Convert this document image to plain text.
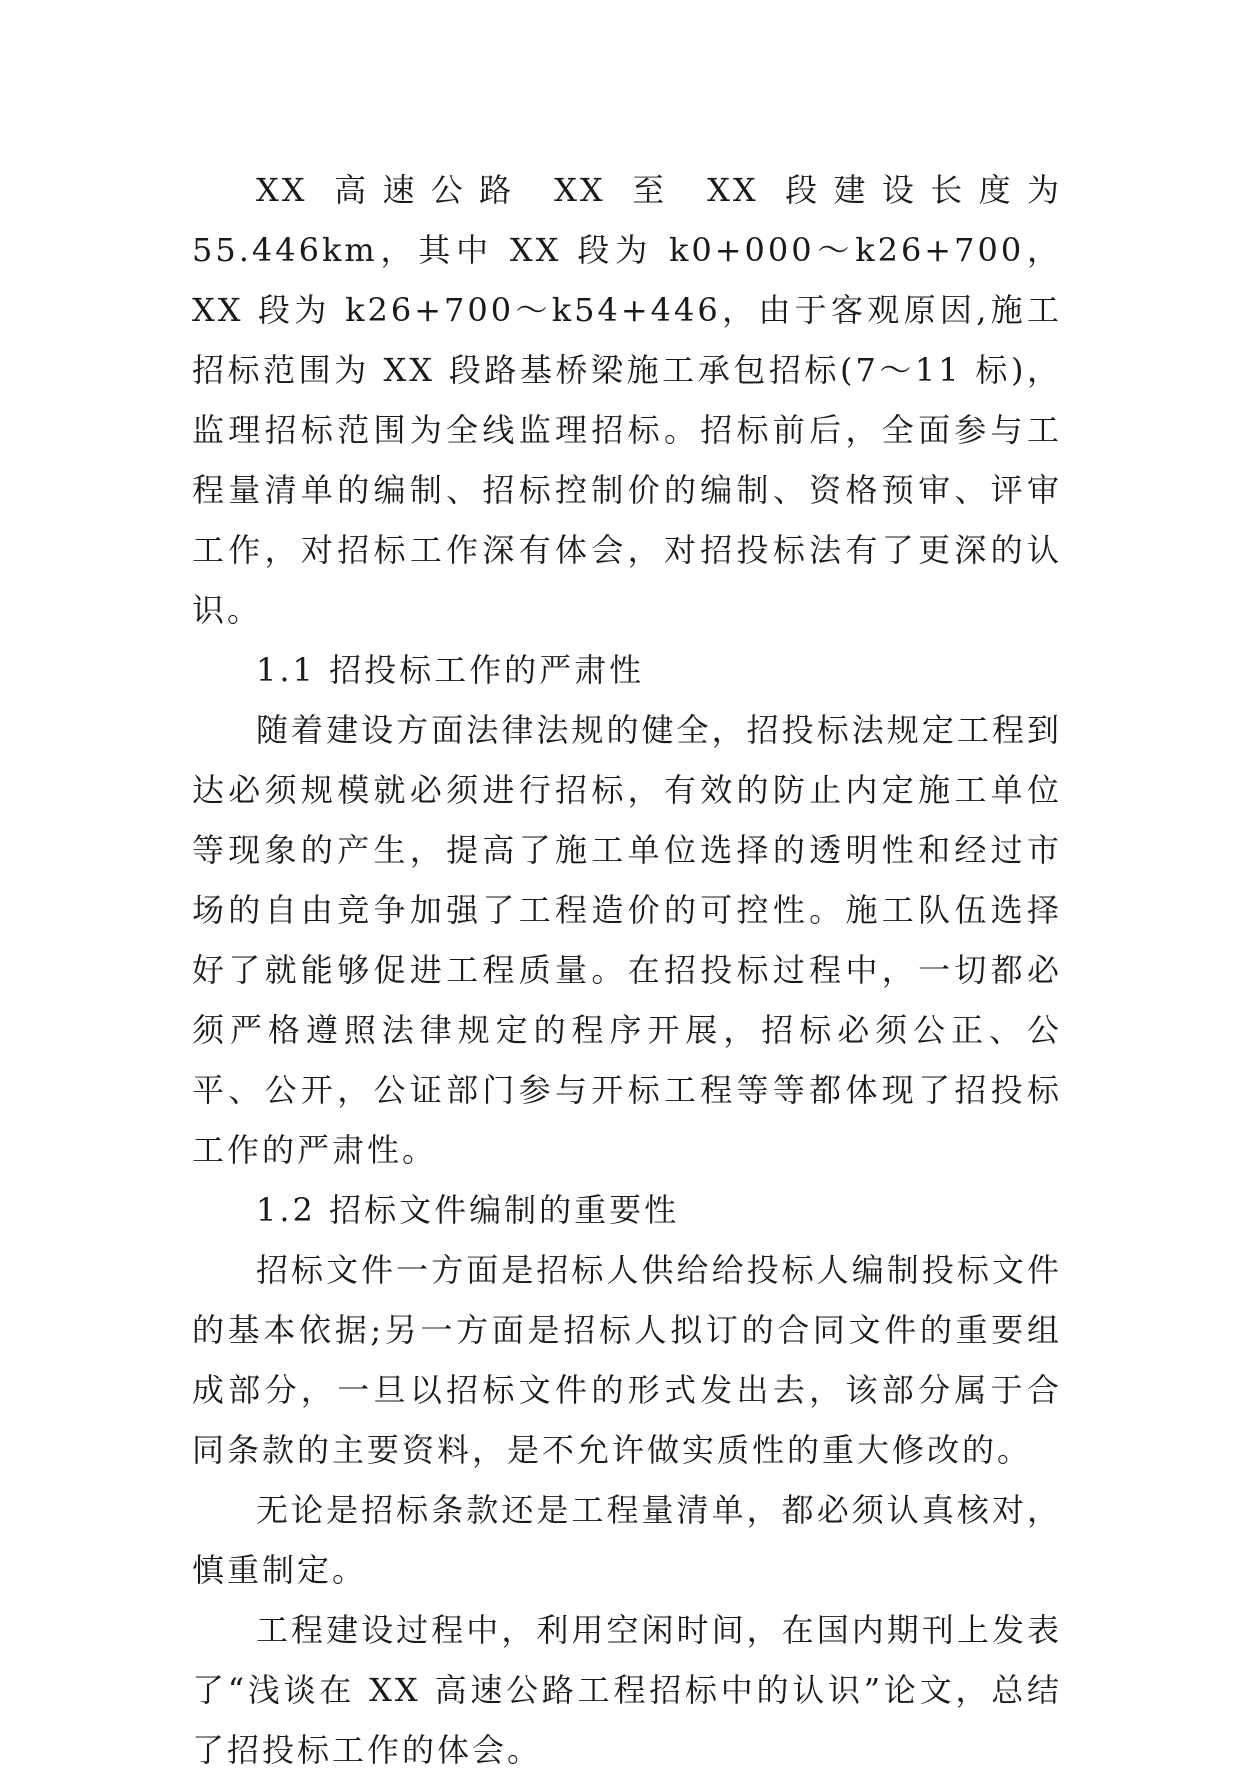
XX 高速公路 XX 至 XX 段建设长度为 55.446km，其中 XX 段为 k0+000～k26+700，XX 段为 k26+700～k54+446，由于客观原因,施工招标范围为 XX 段路基桥梁施工承包招标(7～11 标)，监理招标范围为全线监理招标。招标前后，全面参与工程量清单的编制、招标控制价的编制、资格预审、评审工作，对招标工作深有体会，对招投标法有了更深的认识。

1.1 招投标工作的严肃性

随着建设方面法律法规的健全，招投标法规定工程到达必须规模就必须进行招标，有效的防止内定施工单位等现象的产生，提高了施工单位选择的透明性和经过市场的自由竞争加强了工程造价的可控性。施工队伍选择好了就能够促进工程质量。在招投标过程中，一切都必须严格遵照法律规定的程序开展，招标必须公正、公平、公开，公证部门参与开标工程等等都体现了招投标工作的严肃性。

1.2 招标文件编制的重要性

招标文件一方面是招标人供给给投标人编制投标文件的基本依据;另一方面是招标人拟订的合同文件的重要组成部分，一旦以招标文件的形式发出去，该部分属于合同条款的主要资料，是不允许做实质性的重大修改的。

无论是招标条款还是工程量清单，都必须认真核对，慎重制定。

工程建设过程中，利用空闲时间，在国内期刊上发表了“浅谈在 XX 高速公路工程招标中的认识”论文，总结了招投标工作的体会。
